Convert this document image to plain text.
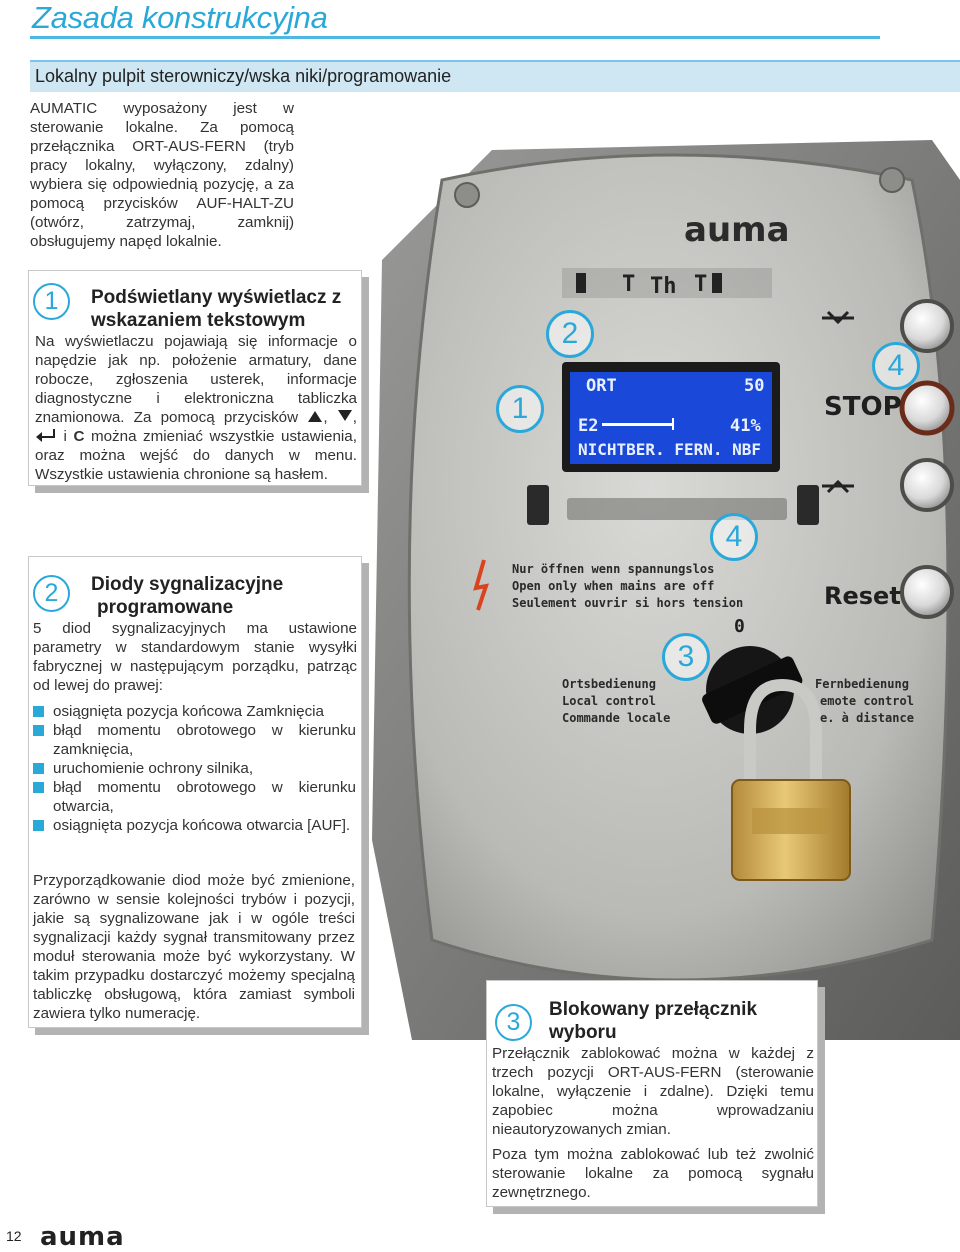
Zasada konstrukcyjna
Lokalny pulpit sterowniczy/wska niki/programowanie
AUMATIC wyposażony jest w sterowanie lokalne. Za pomocą przełącznika ORT-AUS-FERN (tryb pracy lokalny, wyłączony, zdalny) wybiera się odpowiednią pozycję, a za pomocą przycisków AUF-HALT-ZU (otwórz, zatrzymaj, zamknij) obsługujemy napęd lokalnie.	auma
T Th T
ORT	50
E2	41%
NICHTBER. FERN. NBF
STOP
Reset
Nur öffnen wenn spannungslos
Open only when mains are off
Seulement ouvrir si hors tension
0
Ortsbedienung
Local control
Commande locale
Fernbedienung
emote control
e. à distance
1
2
3
4
4
1	Podświetlany wyświetlacz z
wskazaniem tekstowym
Na wyświetlaczu pojawiają się informacje o napędzie jak np. położenie armatury, dane robocze, zgłoszenia usterek, informacje diagnostyczne i elektroniczna tabliczka znamionowa. Za pomocą przycisków , ,  i C można zmieniać wszystkie ustawienia, oraz można wejść do danych w menu. Wszystkie ustawienia chronione są hasłem.
2	Diody sygnalizacyjne
programowane
5 diod sygnalizacyjnych ma ustawione parametry w standardowym stanie wysyłki fabrycznej w następującym porządku, patrząc od lewej do prawej:
osiągnięta pozycja końcowa Zamknięcia
błąd momentu obrotowego w kierunku zamknięcia,
uruchomienie ochrony silnika,
błąd momentu obrotowego w kierunku otwarcia,
osiągnięta pozycja końcowa otwarcia [AUF].
Przyporządkowanie diod może być zmienione, zarówno w sensie kolejności trybów i pozycji, jakie są sygnalizowane jak i w ogóle treści sygnalizacji każdy sygnał transmitowany przez moduł sterowania może być wykorzystany. W takim przypadku dostarczyć możemy specjalną tabliczkę obsługową, która zamiast symboli zawiera tylko numerację.	3	Blokowany przełącznik
wyboru
Przełącznik zablokować można w każdej z trzech pozycji ORT-AUS-FERN (sterowanie lokalne, wyłączenie i zdalne). Dzięki temu zapobiec można wprowadzaniu nieautoryzowanych zmian.
Poza tym można zablokować lub też zwolnić sterowanie lokalne za pomocą sygnału zewnętrznego.
12 auma
